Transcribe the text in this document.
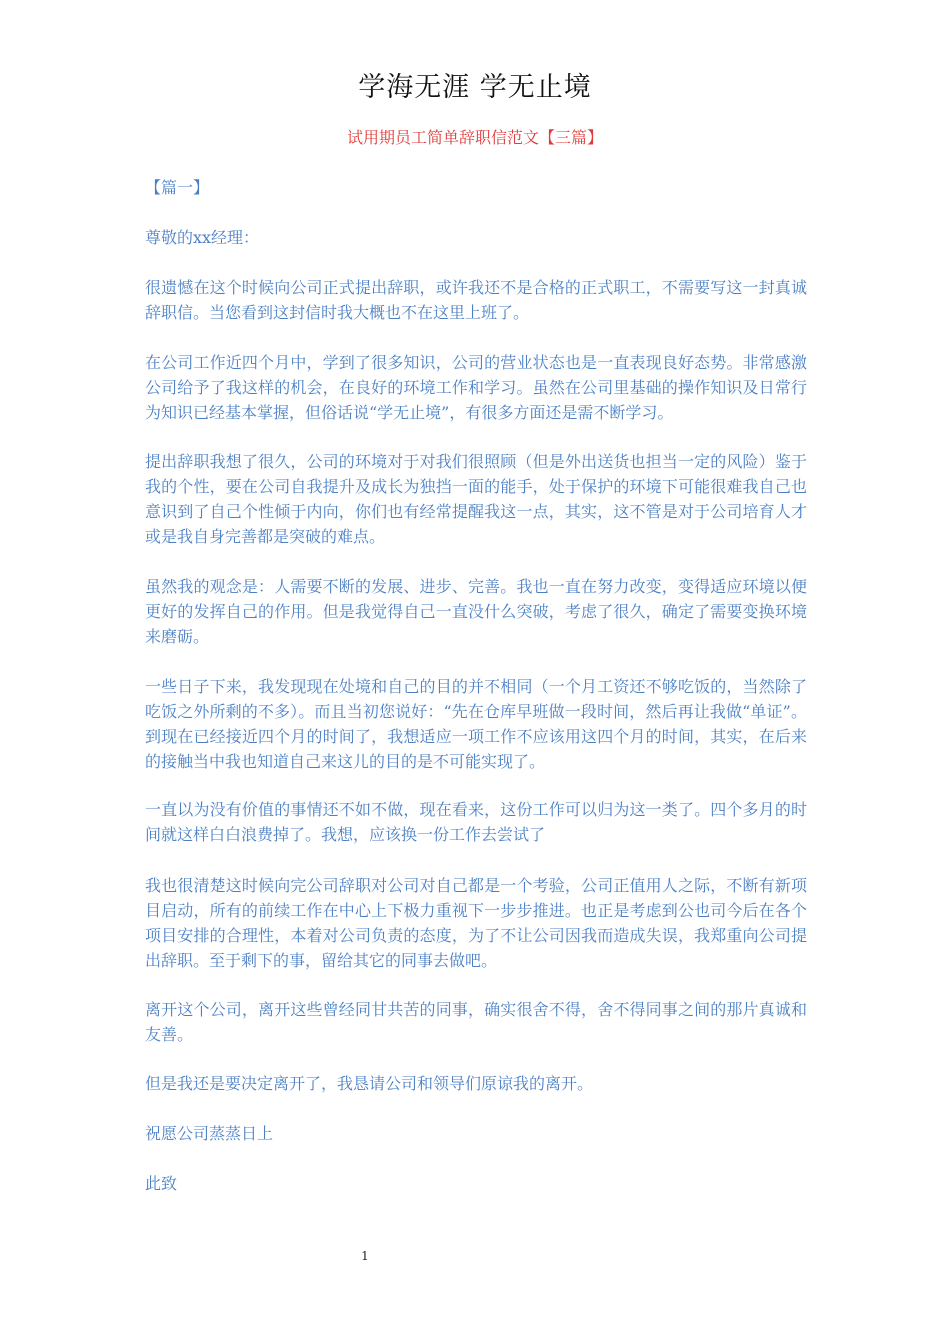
学海无涯 学无止境
试用期员工简单辞职信范文【三篇】

【篇一】

尊敬的xx经理：

很遗憾在这个时候向公司正式提出辞职，或许我还不是合格的正式职工，不需要写这一封真诚辞职信。当您看到这封信时我大概也不在这里上班了。

在公司工作近四个月中，学到了很多知识，公司的营业状态也是一直表现良好态势。非常感激公司给予了我这样的机会，在良好的环境工作和学习。虽然在公司里基础的操作知识及日常行为知识已经基本掌握，但俗话说“学无止境”，有很多方面还是需不断学习。

提出辞职我想了很久，公司的环境对于对我们很照顾（但是外出送货也担当一定的风险）鉴于我的个性，要在公司自我提升及成长为独挡一面的能手，处于保护的环境下可能很难我自己也意识到了自己个性倾于内向，你们也有经常提醒我这一点，其实，这不管是对于公司培育人才或是我自身完善都是突破的难点。

虽然我的观念是：人需要不断的发展、进步、完善。我也一直在努力改变，变得适应环境以便更好的发挥自己的作用。但是我觉得自己一直没什么突破，考虑了很久，确定了需要变换环境来磨砺。

一些日子下来，我发现现在处境和自己的目的并不相同（一个月工资还不够吃饭的，当然除了吃饭之外所剩的不多）。而且当初您说好：“先在仓库早班做一段时间，然后再让我做“单证”。到现在已经接近四个月的时间了，我想适应一项工作不应该用这四个月的时间，其实，在后来的接触当中我也知道自己来这儿的目的是不可能实现了。

一直以为没有价值的事情还不如不做，现在看来，这份工作可以归为这一类了。四个多月的时间就这样白白浪费掉了。我想，应该换一份工作去尝试了

我也很清楚这时候向完公司辞职对公司对自己都是一个考验，公司正值用人之际，不断有新项目启动，所有的前续工作在中心上下极力重视下一步步推进。也正是考虑到公也司今后在各个项目安排的合理性，本着对公司负责的态度，为了不让公司因我而造成失误，我郑重向公司提出辞职。至于剩下的事，留给其它的同事去做吧。

离开这个公司，离开这些曾经同甘共苦的同事，确实很舍不得，舍不得同事之间的那片真诚和友善。

但是我还是要决定离开了，我恳请公司和领导们原谅我的离开。

祝愿公司蒸蒸日上

此致

1
